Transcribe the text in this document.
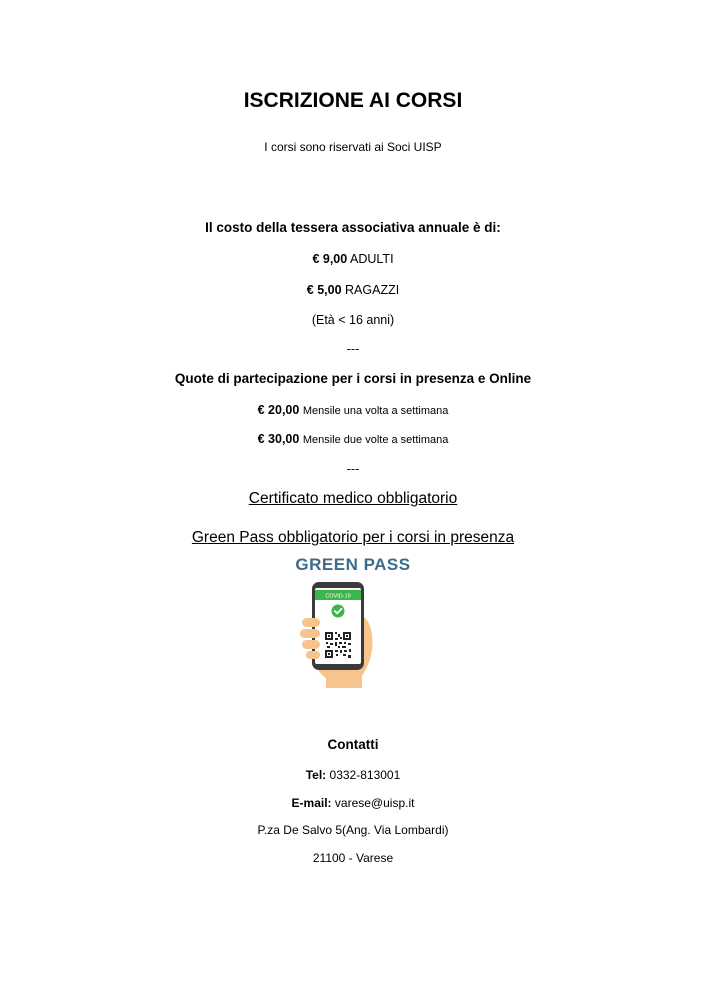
ISCRIZIONE AI CORSI
I corsi sono riservati ai Soci UISP
Il costo della tessera associativa annuale è di:
€ 9,00 ADULTI
€ 5,00 RAGAZZI
(Età < 16 anni)
---
Quote di partecipazione per i corsi in presenza e Online
€ 20,00 Mensile una volta a settimana
€ 30,00 Mensile due volte a settimana
---
Certificato medico obbligatorio
Green Pass obbligatorio per i corsi in presenza
GREEN PASS
COVID-19
Contatti
Tel: 0332-813001
E-mail: varese@uisp.it
P.za De Salvo 5(Ang. Via Lombardi)
21100 - Varese
